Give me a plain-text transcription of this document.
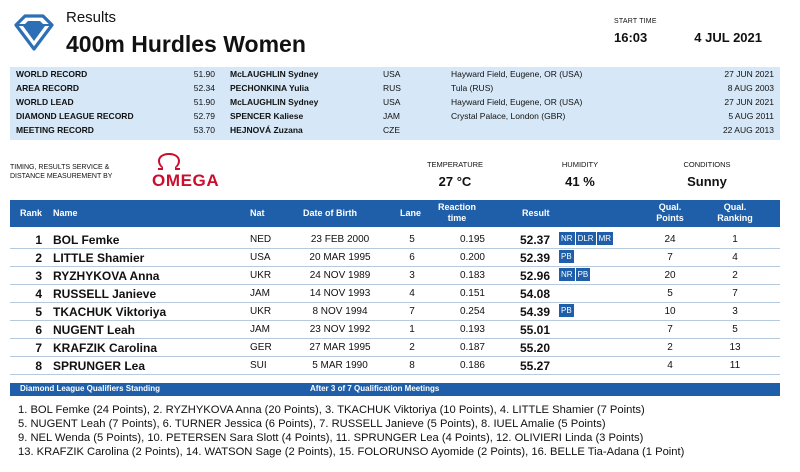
Results
400m Hurdles Women
START TIME
16:03	4 JUL 2021
WORLD RECORD	51.90 McLAUGHLIN Sydney	USA	Hayward Field, Eugene, OR (USA)	27 JUN 2021
AREA RECORD	52.34 PECHONKINA Yulia	RUS	Tula (RUS)	8 AUG 2003
WORLD LEAD	51.90 McLAUGHLIN Sydney	USA	Hayward Field, Eugene, OR (USA)	27 JUN 2021
DIAMOND LEAGUE RECORD	52.79 SPENCER Kaliese	JAM	Crystal Palace, London (GBR)	5 AUG 2011
MEETING RECORD	53.70 HEJNOVÁ Zuzana	CZE	22 AUG 2013
TIMING, RESULTS SERVICE &
DISTANCE MEASUREMENT BY	OMEGA
TEMPERATURE
27 °C
HUMIDITY
41 %
CONDITIONS
Sunny
Rank Name	Nat	Date of Birth	Lane
Reaction
time	Result
Qual.
Points
Qual.
Ranking
1 BOL Femke	NED	23 FEB 2000	5	0.195	52.37 NR DLR MR	24	1
2 LITTLE Shamier	USA	20 MAR 1995	6	0.200	52.39 PB	7	4
3 RYZHYKOVA Anna	UKR	24 NOV 1989	3	0.183	52.96 NR PB	20	2
4 RUSSELL Janieve	JAM	14 NOV 1993	4	0.151	54.08	5	7
5 TKACHUK Viktoriya	UKR	8 NOV 1994	7	0.254	54.39 PB	10	3
6 NUGENT Leah	JAM	23 NOV 1992	1	0.193	55.01	7	5
7 KRAFZIK Carolina	GER	27 MAR 1995	2	0.187	55.20	2	13
8 SPRUNGER Lea	SUI	5 MAR 1990	8	0.186	55.27	4	11
Diamond League Qualifiers Standing	After 3 of 7 Qualification Meetings
1. BOL Femke (24 Points), 2. RYZHYKOVA Anna (20 Points), 3. TKACHUK Viktoriya (10 Points), 4. LITTLE Shamier (7 Points)
5. NUGENT Leah (7 Points), 6. TURNER Jessica (6 Points), 7. RUSSELL Janieve (5 Points), 8. IUEL Amalie (5 Points)
9. NEL Wenda (5 Points), 10. PETERSEN Sara Slott (4 Points), 11. SPRUNGER Lea (4 Points), 12. OLIVIERI Linda (3 Points)
13. KRAFZIK Carolina (2 Points), 14. WATSON Sage (2 Points), 15. FOLORUNSO Ayomide (2 Points), 16. BELLE Tia-Adana (1 Point)
